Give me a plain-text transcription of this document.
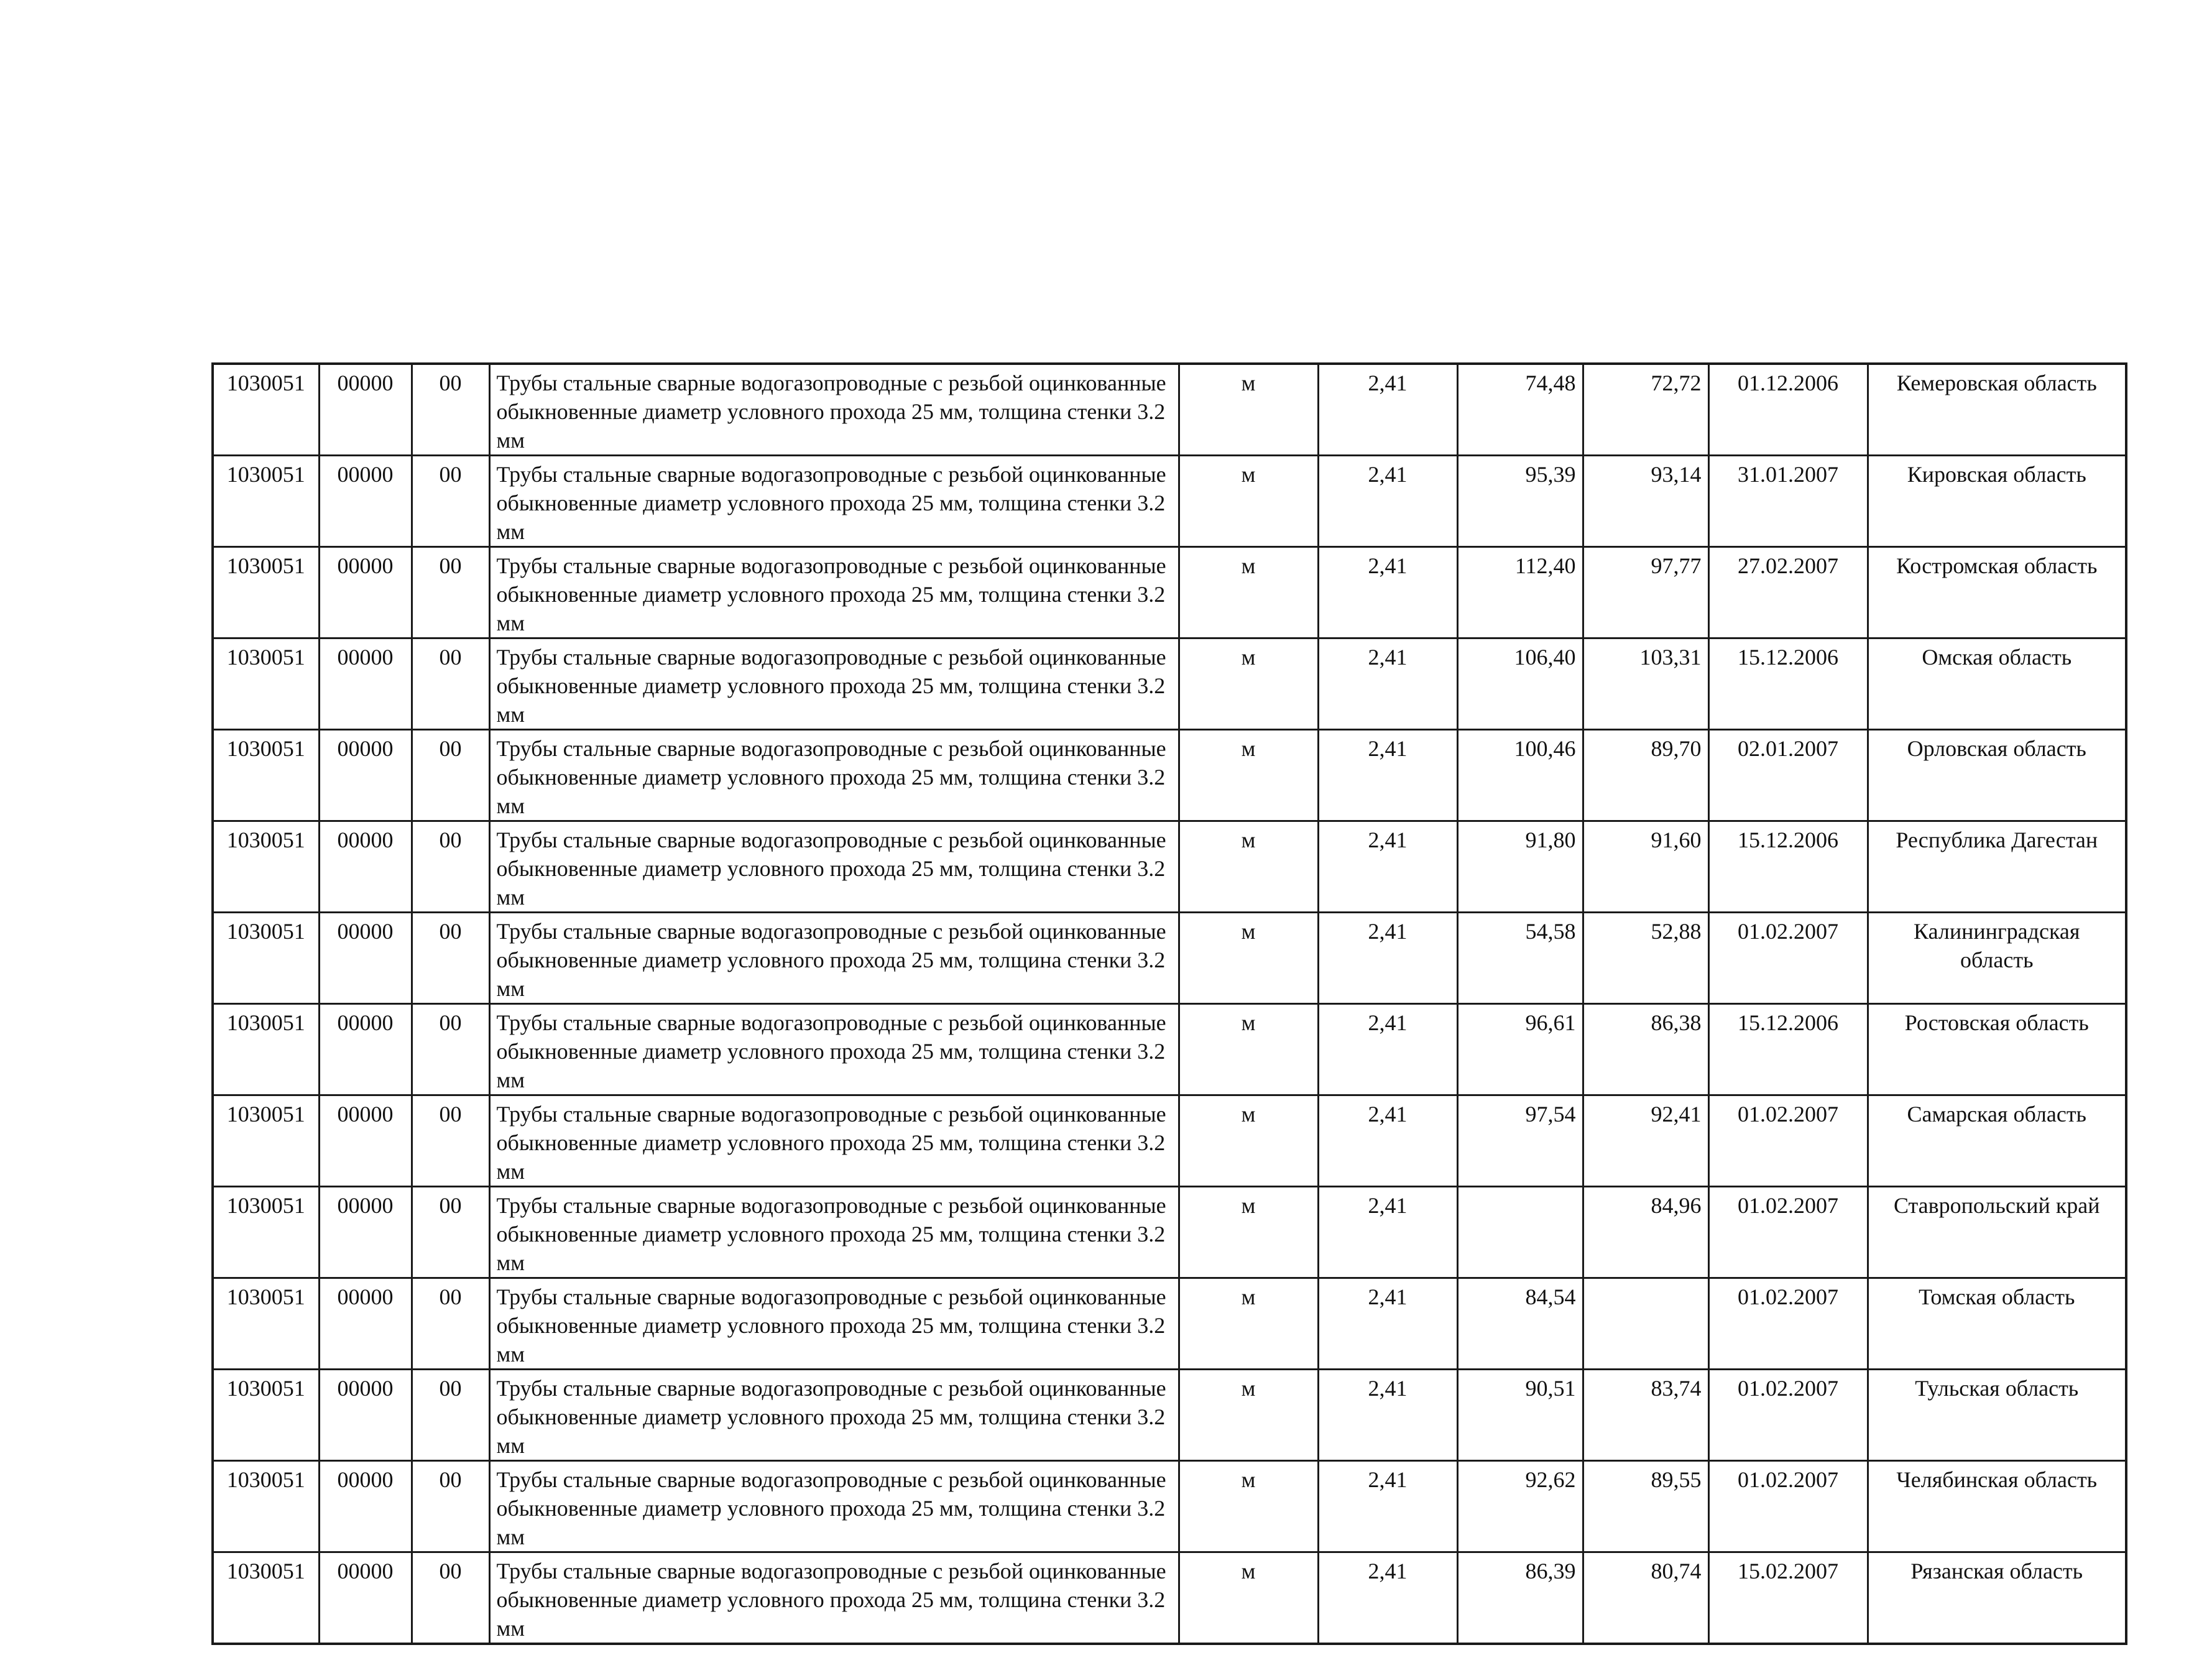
1030051	00000	00	Трубы стальные сварные водогазопроводные с резьбой оцинкованные обыкновенные диаметр условного прохода 25 мм, толщина стенки 3.2 мм	м	2,41	74,48	72,72	01.12.2006	Кемеровская область
1030051	00000	00	Трубы стальные сварные водогазопроводные с резьбой оцинкованные обыкновенные диаметр условного прохода 25 мм, толщина стенки 3.2 мм	м	2,41	95,39	93,14	31.01.2007	Кировская область
1030051	00000	00	Трубы стальные сварные водогазопроводные с резьбой оцинкованные обыкновенные диаметр условного прохода 25 мм, толщина стенки 3.2 мм	м	2,41	112,40	97,77	27.02.2007	Костромская область
1030051	00000	00	Трубы стальные сварные водогазопроводные с резьбой оцинкованные обыкновенные диаметр условного прохода 25 мм, толщина стенки 3.2 мм	м	2,41	106,40	103,31	15.12.2006	Омская область
1030051	00000	00	Трубы стальные сварные водогазопроводные с резьбой оцинкованные обыкновенные диаметр условного прохода 25 мм, толщина стенки 3.2 мм	м	2,41	100,46	89,70	02.01.2007	Орловская область
1030051	00000	00	Трубы стальные сварные водогазопроводные с резьбой оцинкованные обыкновенные диаметр условного прохода 25 мм, толщина стенки 3.2 мм	м	2,41	91,80	91,60	15.12.2006	Республика Дагестан
1030051	00000	00	Трубы стальные сварные водогазопроводные с резьбой оцинкованные обыкновенные диаметр условного прохода 25 мм, толщина стенки 3.2 мм	м	2,41	54,58	52,88	01.02.2007	Калининградская область
1030051	00000	00	Трубы стальные сварные водогазопроводные с резьбой оцинкованные обыкновенные диаметр условного прохода 25 мм, толщина стенки 3.2 мм	м	2,41	96,61	86,38	15.12.2006	Ростовская область
1030051	00000	00	Трубы стальные сварные водогазопроводные с резьбой оцинкованные обыкновенные диаметр условного прохода 25 мм, толщина стенки 3.2 мм	м	2,41	97,54	92,41	01.02.2007	Самарская область
1030051	00000	00	Трубы стальные сварные водогазопроводные с резьбой оцинкованные обыкновенные диаметр условного прохода 25 мм, толщина стенки 3.2 мм	м	2,41		84,96	01.02.2007	Ставропольский край
1030051	00000	00	Трубы стальные сварные водогазопроводные с резьбой оцинкованные обыкновенные диаметр условного прохода 25 мм, толщина стенки 3.2 мм	м	2,41	84,54		01.02.2007	Томская область
1030051	00000	00	Трубы стальные сварные водогазопроводные с резьбой оцинкованные обыкновенные диаметр условного прохода 25 мм, толщина стенки 3.2 мм	м	2,41	90,51	83,74	01.02.2007	Тульская область
1030051	00000	00	Трубы стальные сварные водогазопроводные с резьбой оцинкованные обыкновенные диаметр условного прохода 25 мм, толщина стенки 3.2 мм	м	2,41	92,62	89,55	01.02.2007	Челябинская область
1030051	00000	00	Трубы стальные сварные водогазопроводные с резьбой оцинкованные обыкновенные диаметр условного прохода 25 мм, толщина стенки 3.2 мм	м	2,41	86,39	80,74	15.02.2007	Рязанская область
